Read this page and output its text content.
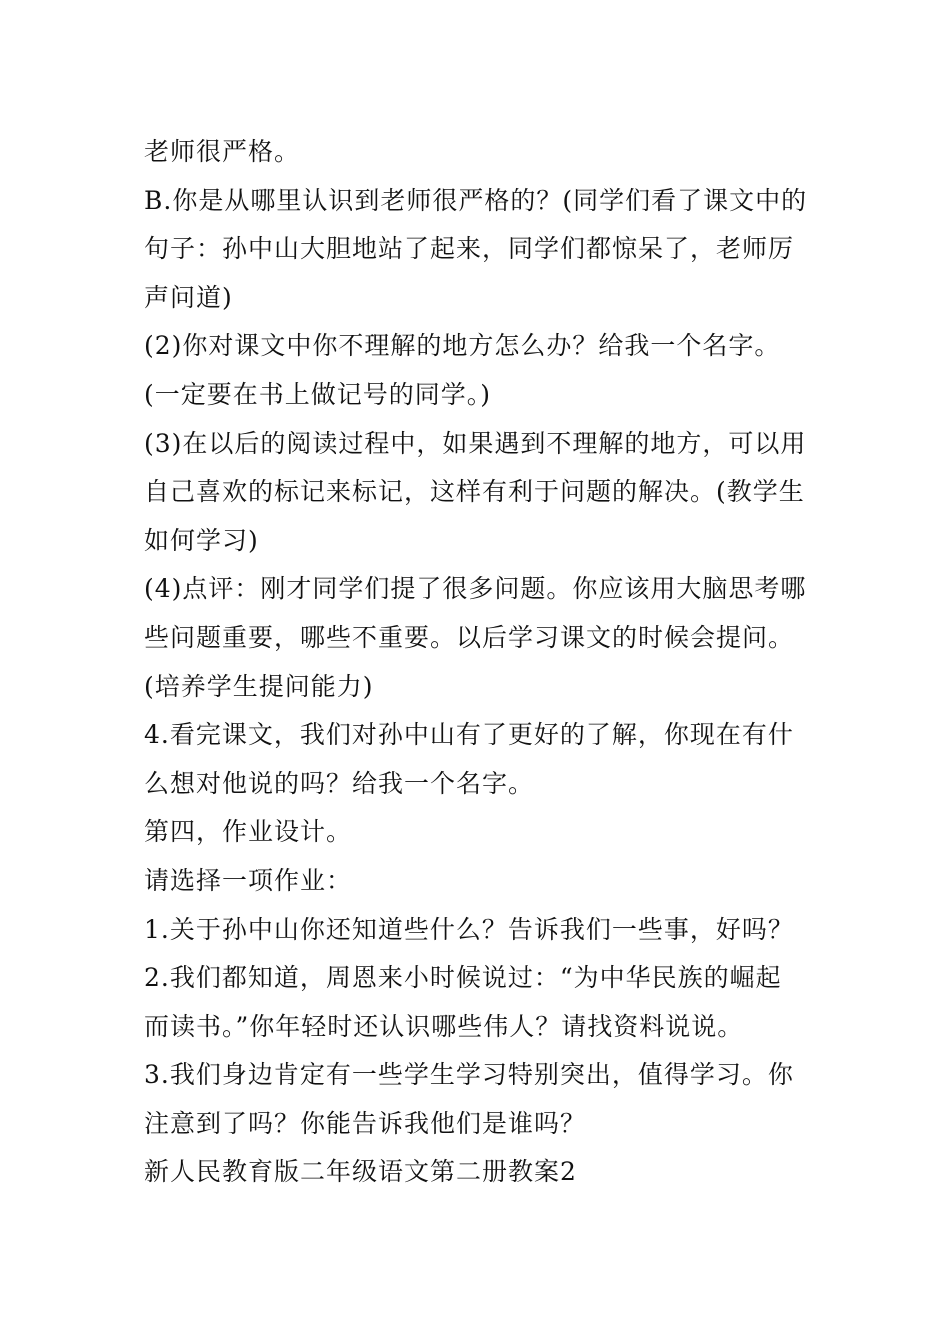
老师很严格。
B.你是从哪里认识到老师很严格的？(同学们看了课文中的
句子：孙中山大胆地站了起来，同学们都惊呆了，老师厉
声问道)
(2)你对课文中你不理解的地方怎么办？给我一个名字。
(一定要在书上做记号的同学。)
(3)在以后的阅读过程中，如果遇到不理解的地方，可以用
自己喜欢的标记来标记，这样有利于问题的解决。(教学生
如何学习)
(4)点评：刚才同学们提了很多问题。你应该用大脑思考哪
些问题重要，哪些不重要。以后学习课文的时候会提问。
(培养学生提问能力)
4.看完课文，我们对孙中山有了更好的了解，你现在有什
么想对他说的吗？给我一个名字。
第四，作业设计。
请选择一项作业：
1.关于孙中山你还知道些什么？告诉我们一些事，好吗？
2.我们都知道，周恩来小时候说过：“为中华民族的崛起
而读书。”你年轻时还认识哪些伟人？请找资料说说。
3.我们身边肯定有一些学生学习特别突出，值得学习。你
注意到了吗？你能告诉我他们是谁吗？
新人民教育版二年级语文第二册教案2
